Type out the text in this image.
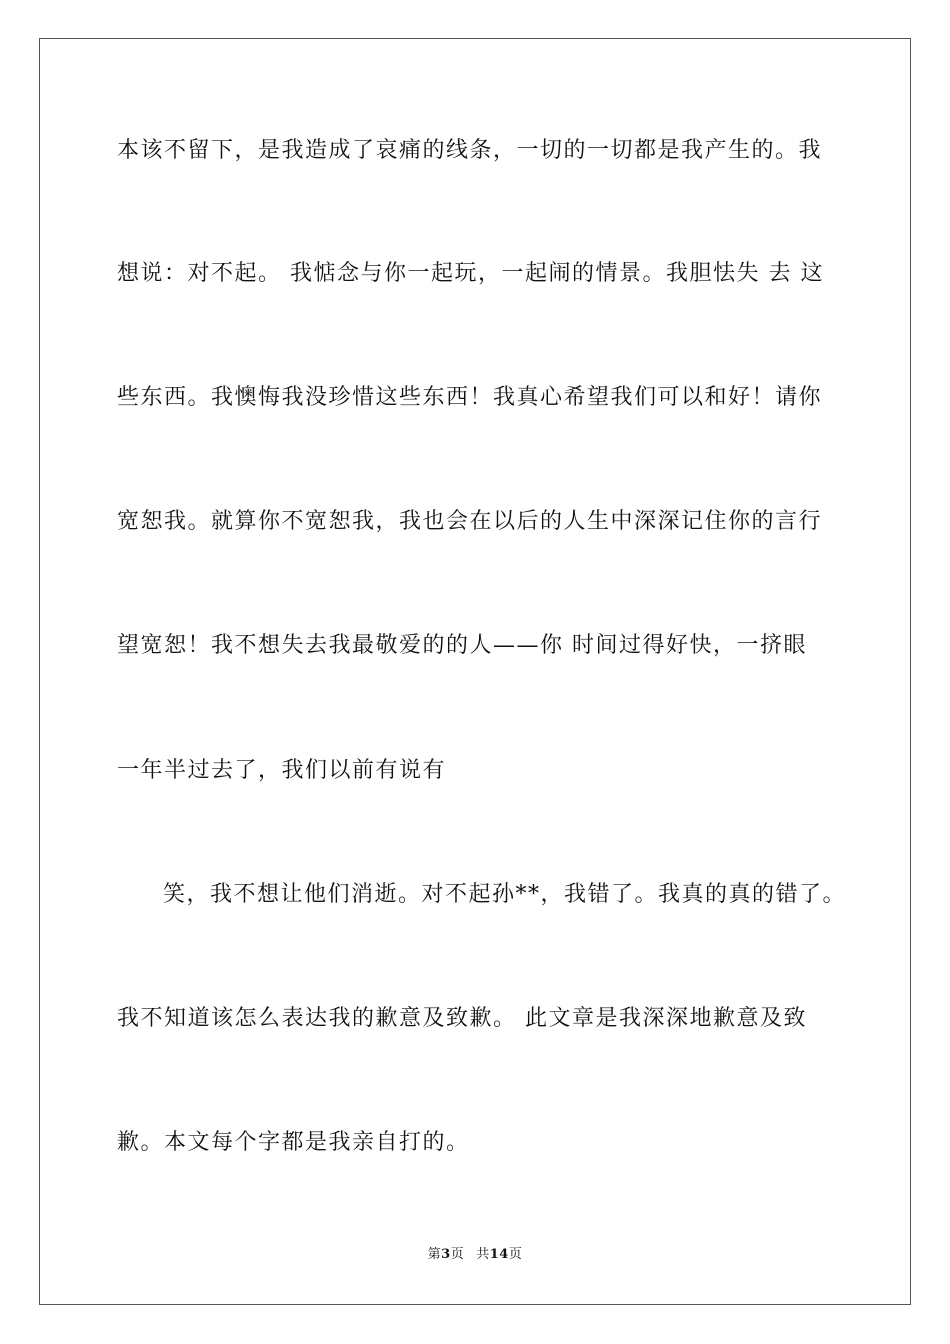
本该不留下，是我造成了哀痛的线条，一切的一切都是我产生的。我
想说：对不起。 我惦念与你一起玩，一起闹的情景。我胆怯失 去 这
些东西。我懊悔我没珍惜这些东西！我真心希望我们可以和好！请你
宽恕我。就算你不宽恕我，我也会在以后的人生中深深记住你的言行
望宽恕！我不想失去我最敬爱的的人——你 时间过得好快，一挤眼
一年半过去了，我们以前有说有
笑，我不想让他们消逝。对不起孙**，我错了。我真的真的错了。
我不知道该怎么表达我的歉意及致歉。 此文章是我深深地歉意及致
歉。本文每个字都是我亲自打的。
第3页 共14页
